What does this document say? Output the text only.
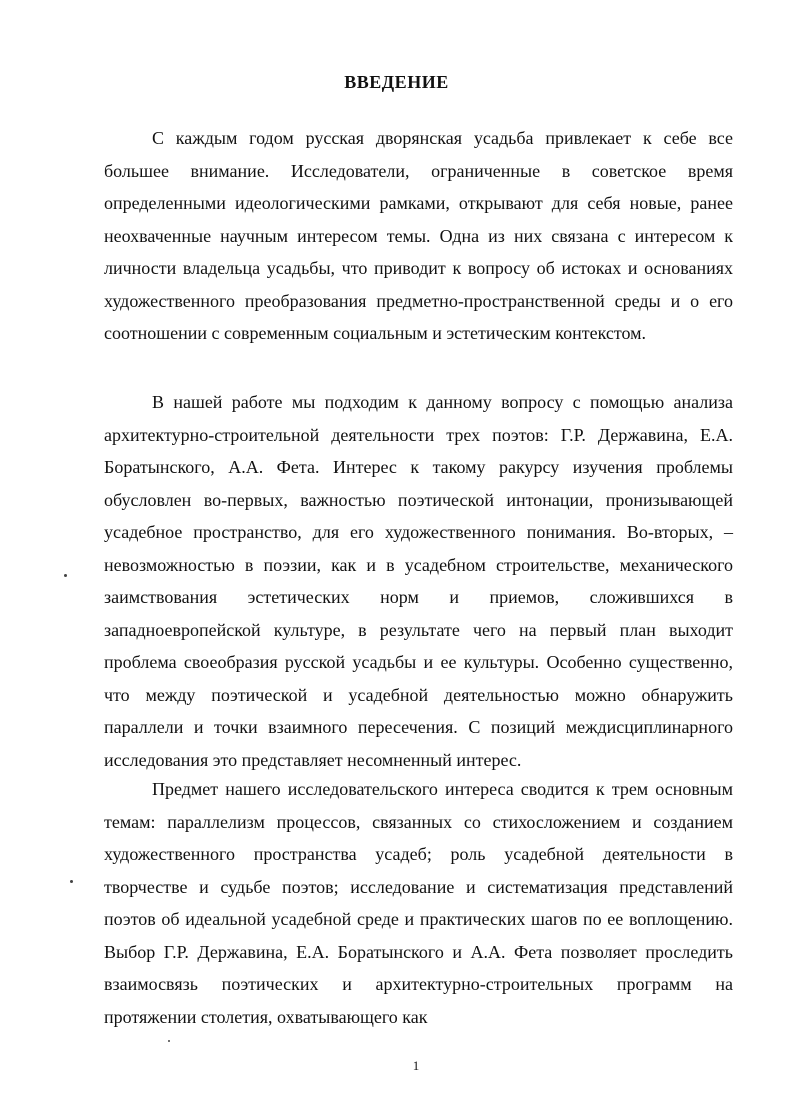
ВВЕДЕНИЕ

С каждым годом русская дворянская усадьба привлекает к себе все большее внимание. Исследователи, ограниченные в советское время определенными идеологическими рамками, открывают для себя новые, ранее неохваченные научным интересом темы. Одна из них связана с интересом к личности владельца усадьбы, что приводит к вопросу об истоках и основаниях художественного преобразования предметно-пространственной среды и о его соотношении с современным социальным и эстетическим контекстом.

В нашей работе мы подходим к данному вопросу с помощью анализа архитектурно-строительной деятельности трех поэтов: Г.Р. Державина, Е.А. Боратынского, А.А. Фета. Интерес к такому ракурсу изучения проблемы обусловлен во-первых, важностью поэтической интонации, пронизывающей усадебное пространство, для его художественного понимания. Во-вторых, – невозможностью в поэзии, как и в усадебном строительстве, механического заимствования эстетических норм и приемов, сложившихся в западноевропейской культуре, в результате чего на первый план выходит проблема своеобразия русской усадьбы и ее культуры. Особенно существенно, что между поэтической и усадебной деятельностью можно обнаружить параллели и точки взаимного пересечения. С позиций междисциплинарного исследования это представляет несомненный интерес.

Предмет нашего исследовательского интереса сводится к трем основным темам: параллелизм процессов, связанных со стихосложением и созданием художественного пространства усадеб; роль усадебной деятельности в творчестве и судьбе поэтов; исследование и систематизация представлений поэтов об идеальной усадебной среде и практических шагов по ее воплощению. Выбор Г.Р. Державина, Е.А. Боратынского и А.А. Фета позволяет проследить взаимосвязь поэтических и архитектурно-строительных программ на протяжении столетия, охватывающего как

1
